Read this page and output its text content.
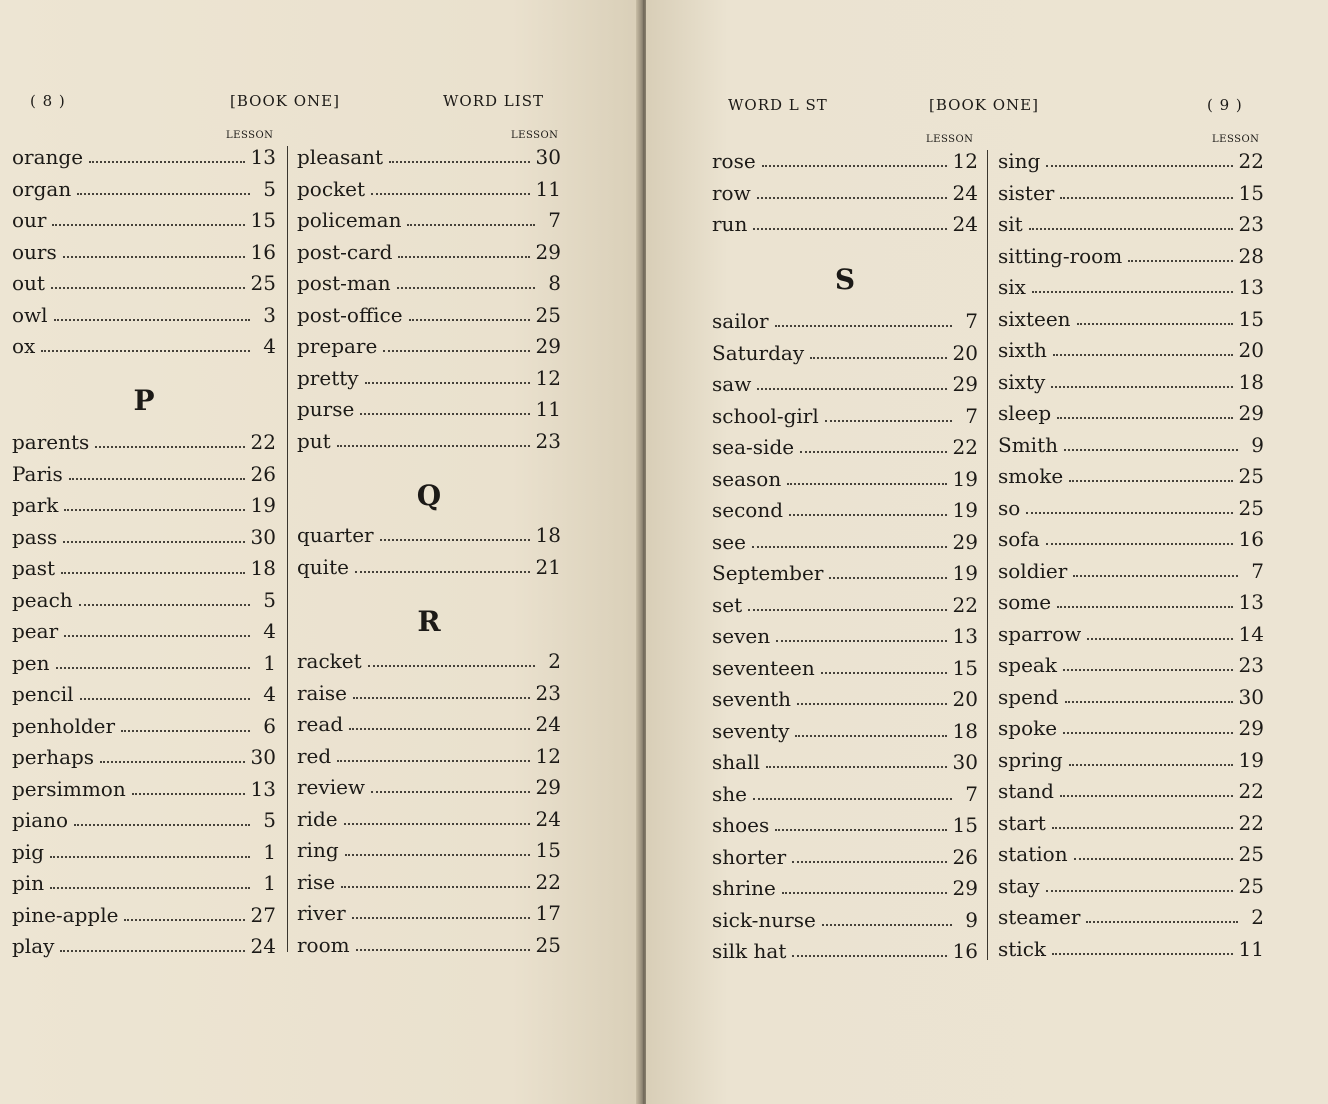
( 8 )	[BOOK ONE]	WORD LIST
LESSON	LESSON
orange	13
organ	5
our	15
ours	16
out	25
owl	3
ox	4
P
parents	22
Paris	26
park	19
pass	30
past	18
peach	5
pear	4
pen	1
pencil	4
penholder	6
perhaps	30
persimmon	13
piano	5
pig	1
pin	1
pine-apple	27
play	24
pleasant	30
pocket	11
policeman	7
post-card	29
post-man	8
post-office	25
prepare	29
pretty	12
purse	11
put	23
Q
quarter	18
quite	21
R
racket	2
raise	23
read	24
red	12
review	29
ride	24
ring	15
rise	22
river	17
room	25
WORD L ST	[BOOK ONE]	( 9 )
LESSON	LESSON
rose	12
row	24
run	24
S
sailor	7
Saturday	20
saw	29
school-girl	7
sea-side	22
season	19
second	19
see	29
September	19
set	22
seven	13
seventeen	15
seventh	20
seventy	18
shall	30
she	7
shoes	15
shorter	26
shrine	29
sick-nurse	9
silk hat	16
sing	22
sister	15
sit	23
sitting-room	28
six	13
sixteen	15
sixth	20
sixty	18
sleep	29
Smith	9
smoke	25
so	25
sofa	16
soldier	7
some	13
sparrow	14
speak	23
spend	30
spoke	29
spring	19
stand	22
start	22
station	25
stay	25
steamer	2
stick	11
